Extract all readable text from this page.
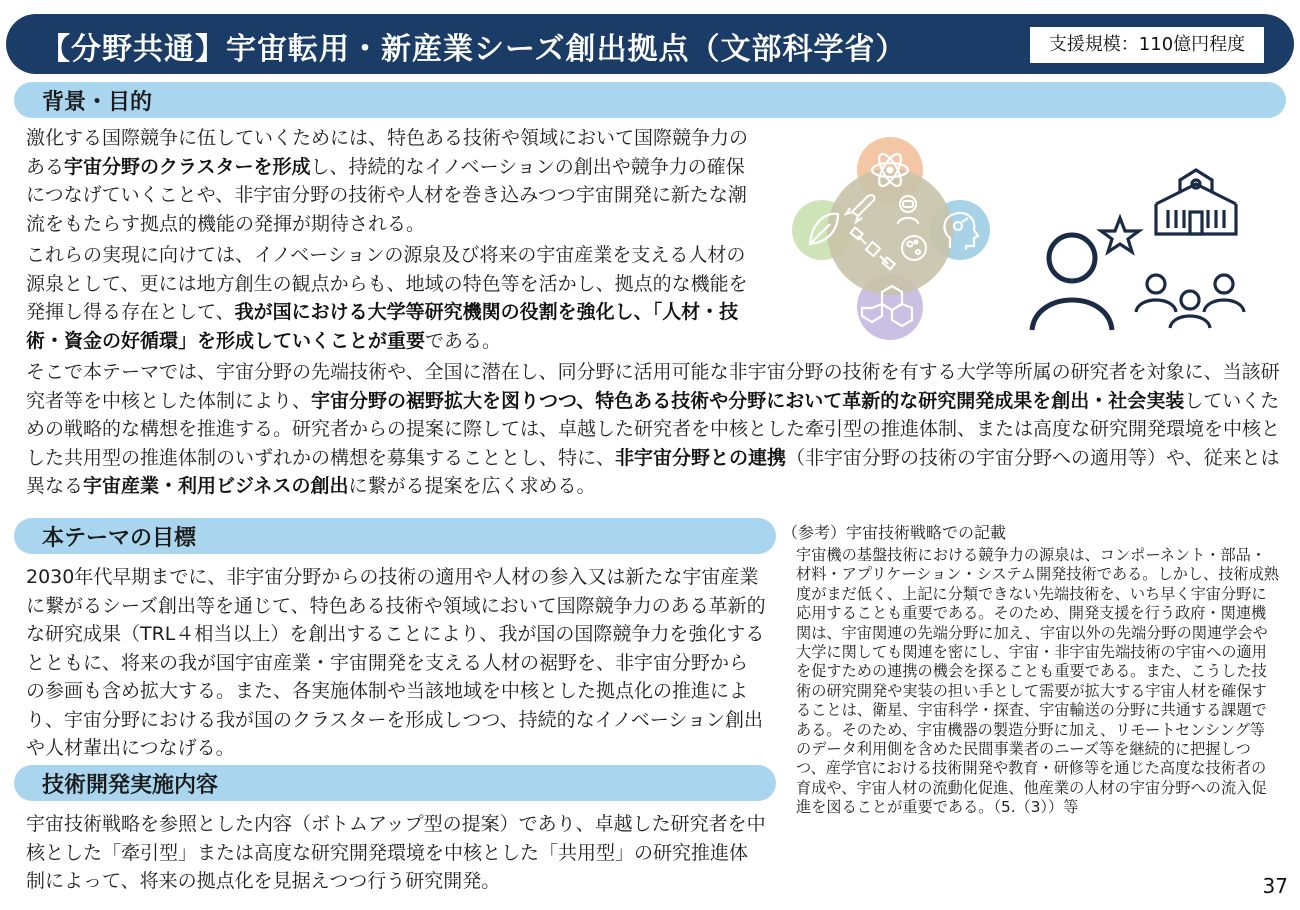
【分野共通】宇宙転用・新産業シーズ創出拠点（文部科学省）	支援規模：110億円程度
背景・目的

激化する国際競争に伍していくためには、特色ある技術や領域において国際競争力のある宇宙分野のクラスターを形成し、持続的なイノベーションの創出や競争力の確保につなげていくことや、非宇宙分野の技術や人材を巻き込みつつ宇宙開発に新たな潮流をもたらす拠点的機能の発揮が期待される。

これらの実現に向けては、イノベーションの源泉及び将来の宇宙産業を支える人材の源泉として、更には地方創生の観点からも、地域の特色等を活かし、拠点的な機能を発揮し得る存在として、我が国における大学等研究機関の役割を強化し、「人材・技術・資金の好循環」を形成していくことが重要である。

そこで本テーマでは、宇宙分野の先端技術や、全国に潜在し、同分野に活用可能な非宇宙分野の技術を有する大学等所属の研究者を対象に、当該研究者等を中核とした体制により、宇宙分野の裾野拡大を図りつつ、特色ある技術や分野において革新的な研究開発成果を創出・社会実装していくための戦略的な構想を推進する。研究者からの提案に際しては、卓越した研究者を中核とした牽引型の推進体制、または高度な研究開発環境を中核とした共用型の推進体制のいずれかの構想を募集することとし、特に、非宇宙分野との連携（非宇宙分野の技術の宇宙分野への適用等）や、従来とは異なる宇宙産業・利用ビジネスの創出に繋がる提案を広く求める。

本テーマの目標

2030年代早期までに、非宇宙分野からの技術の適用や人材の参入又は新たな宇宙産業に繋がるシーズ創出等を通じて、特色ある技術や領域において国際競争力のある革新的な研究成果（TRL４相当以上）を創出することにより、我が国の国際競争力を強化するとともに、将来の我が国宇宙産業・宇宙開発を支える人材の裾野を、非宇宙分野からの参画も含め拡大する。また、各実施体制や当該地域を中核とした拠点化の推進により、宇宙分野における我が国のクラスターを形成しつつ、持続的なイノベーション創出や人材輩出につなげる。

技術開発実施内容

宇宙技術戦略を参照とした内容（ボトムアップ型の提案）であり、卓越した研究者を中核とした「牽引型」または高度な研究開発環境を中核とした「共用型」の研究推進体制によって、将来の拠点化を見据えつつ行う研究開発。

（参考）宇宙技術戦略での記載

宇宙機の基盤技術における競争力の源泉は、コンポーネント・部品・材料・アプリケーション・システム開発技術である。しかし、技術成熟度がまだ低く、上記に分類できない先端技術を、いち早く宇宙分野に応用することも重要である。そのため、開発支援を行う政府・関連機関は、宇宙関連の先端分野に加え、宇宙以外の先端分野の関連学会や大学に関しても関連を密にし、宇宙・非宇宙先端技術の宇宙への適用を促すための連携の機会を探ることも重要である。また、こうした技術の研究開発や実装の担い手として需要が拡大する宇宙人材を確保することは、衛星、宇宙科学・探査、宇宙輸送の分野に共通する課題である。そのため、宇宙機器の製造分野に加え、リモートセンシング等のデータ利用側を含めた民間事業者のニーズ等を継続的に把握しつつ、産学官における技術開発や教育・研修等を通じた高度な技術者の育成や、宇宙人材の流動化促進、他産業の人材の宇宙分野への流入促進を図ることが重要である。（5.（3））等

37
